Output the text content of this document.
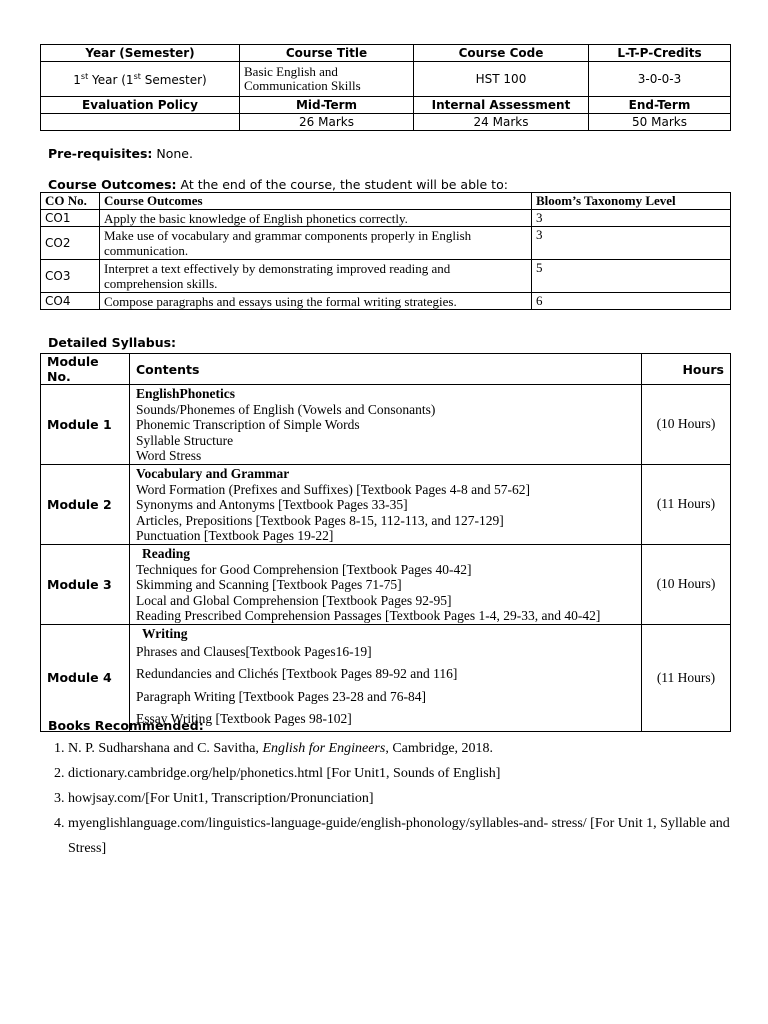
Year (Semester)	Course Title	Course Code	L-T-P-Credits
1st Year (1st Semester)	Basic English and Communication Skills	HST 100	3-0-0-3
Evaluation Policy	Mid-Term	Internal Assessment	End-Term
	26 Marks	24 Marks	50 Marks
Pre-requisites: None.
Course Outcomes: At the end of the course, the student will be able to:
CO No.	Course Outcomes	Bloom’s Taxonomy Level
CO1	Apply the basic knowledge of English phonetics correctly.	3
CO2	Make use of vocabulary and grammar components properly in English communication.	3
CO3	Interpret a text effectively by demonstrating improved reading and comprehension skills.	5
CO4	Compose paragraphs and essays using the formal writing strategies.	6
Detailed Syllabus:
Module No.	Contents	Hours
Module 1	EnglishPhonetics
Sounds/Phonemes of English (Vowels and Consonants)
Phonemic Transcription of Simple Words
Syllable Structure
Word Stress	(10 Hours)
Module 2	Vocabulary and Grammar
Word Formation (Prefixes and Suffixes) [Textbook Pages 4-8 and 57-62]
Synonyms and Antonyms [Textbook Pages 33-35]
Articles, Prepositions [Textbook Pages 8-15, 112-113, and 127-129]
Punctuation [Textbook Pages 19-22]	(11 Hours)
Module 3	Reading
Techniques for Good Comprehension [Textbook Pages 40-42]
Skimming and Scanning [Textbook Pages 71-75]
Local and Global Comprehension [Textbook Pages 92-95]
Reading Prescribed Comprehension Passages [Textbook Pages 1-4, 29-33, and 40-42]	(10 Hours)
Module 4	Writing
Phrases and Clauses[Textbook Pages16-19]
Redundancies and Clichés [Textbook Pages 89-92 and 116]
Paragraph Writing [Textbook Pages 23-28 and 76-84]
Essay Writing [Textbook Pages 98-102]	(11 Hours)
Books Recommended:
1. N. P. Sudharshana and C. Savitha, English for Engineers, Cambridge, 2018.
2. dictionary.cambridge.org/help/phonetics.html [For Unit1, Sounds of English]
3. howjsay.com/[For Unit1, Transcription/Pronunciation]
4. myenglishlanguage.com/linguistics-language-guide/english-phonology/syllables-and- stress/ [For Unit 1, Syllable and Stress]
